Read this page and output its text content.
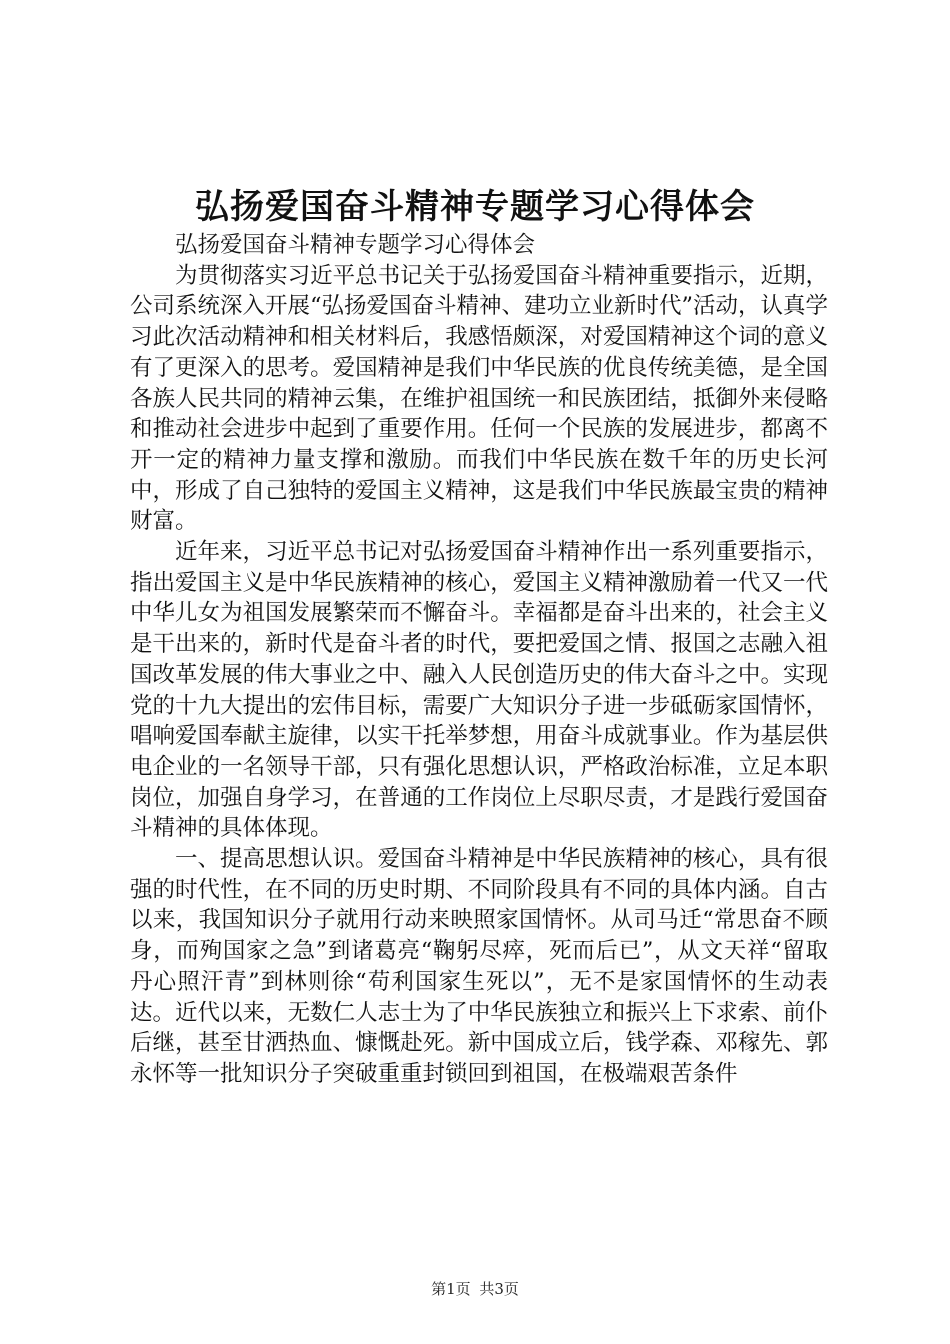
弘扬爱国奋斗精神专题学习心得体会

弘扬爱国奋斗精神专题学习心得体会

为贯彻落实习近平总书记关于弘扬爱国奋斗精神重要指示，近期，公司系统深入开展“弘扬爱国奋斗精神、建功立业新时代”活动，认真学习此次活动精神和相关材料后，我感悟颇深，对爱国精神这个词的意义有了更深入的思考。爱国精神是我们中华民族的优良传统美德，是全国各族人民共同的精神云集，在维护祖国统一和民族团结，抵御外来侵略和推动社会进步中起到了重要作用。任何一个民族的发展进步，都离不开一定的精神力量支撑和激励。而我们中华民族在数千年的历史长河中，形成了自己独特的爱国主义精神，这是我们中华民族最宝贵的精神财富。

近年来，习近平总书记对弘扬爱国奋斗精神作出一系列重要指示，指出爱国主义是中华民族精神的核心，爱国主义精神激励着一代又一代中华儿女为祖国发展繁荣而不懈奋斗。幸福都是奋斗出来的，社会主义是干出来的，新时代是奋斗者的时代，要把爱国之情、报国之志融入祖国改革发展的伟大事业之中、融入人民创造历史的伟大奋斗之中。实现党的十九大提出的宏伟目标，需要广大知识分子进一步砥砺家国情怀，唱响爱国奉献主旋律，以实干托举梦想，用奋斗成就事业。作为基层供电企业的一名领导干部，只有强化思想认识，严格政治标准，立足本职岗位，加强自身学习，在普通的工作岗位上尽职尽责，才是践行爱国奋斗精神的具体体现。

一、提高思想认识。爱国奋斗精神是中华民族精神的核心，具有很强的时代性，在不同的历史时期、不同阶段具有不同的具体内涵。自古以来，我国知识分子就用行动来映照家国情怀。从司马迁“常思奋不顾身，而殉国家之急”到诸葛亮“鞠躬尽瘁，死而后已”，从文天祥“留取丹心照汗青”到林则徐“苟利国家生死以”，无不是家国情怀的生动表达。近代以来，无数仁人志士为了中华民族独立和振兴上下求索、前仆后继，甚至甘洒热血、慷慨赴死。新中国成立后，钱学森、邓稼先、郭永怀等一批知识分子突破重重封锁回到祖国，在极端艰苦条件

第1页 共3页
